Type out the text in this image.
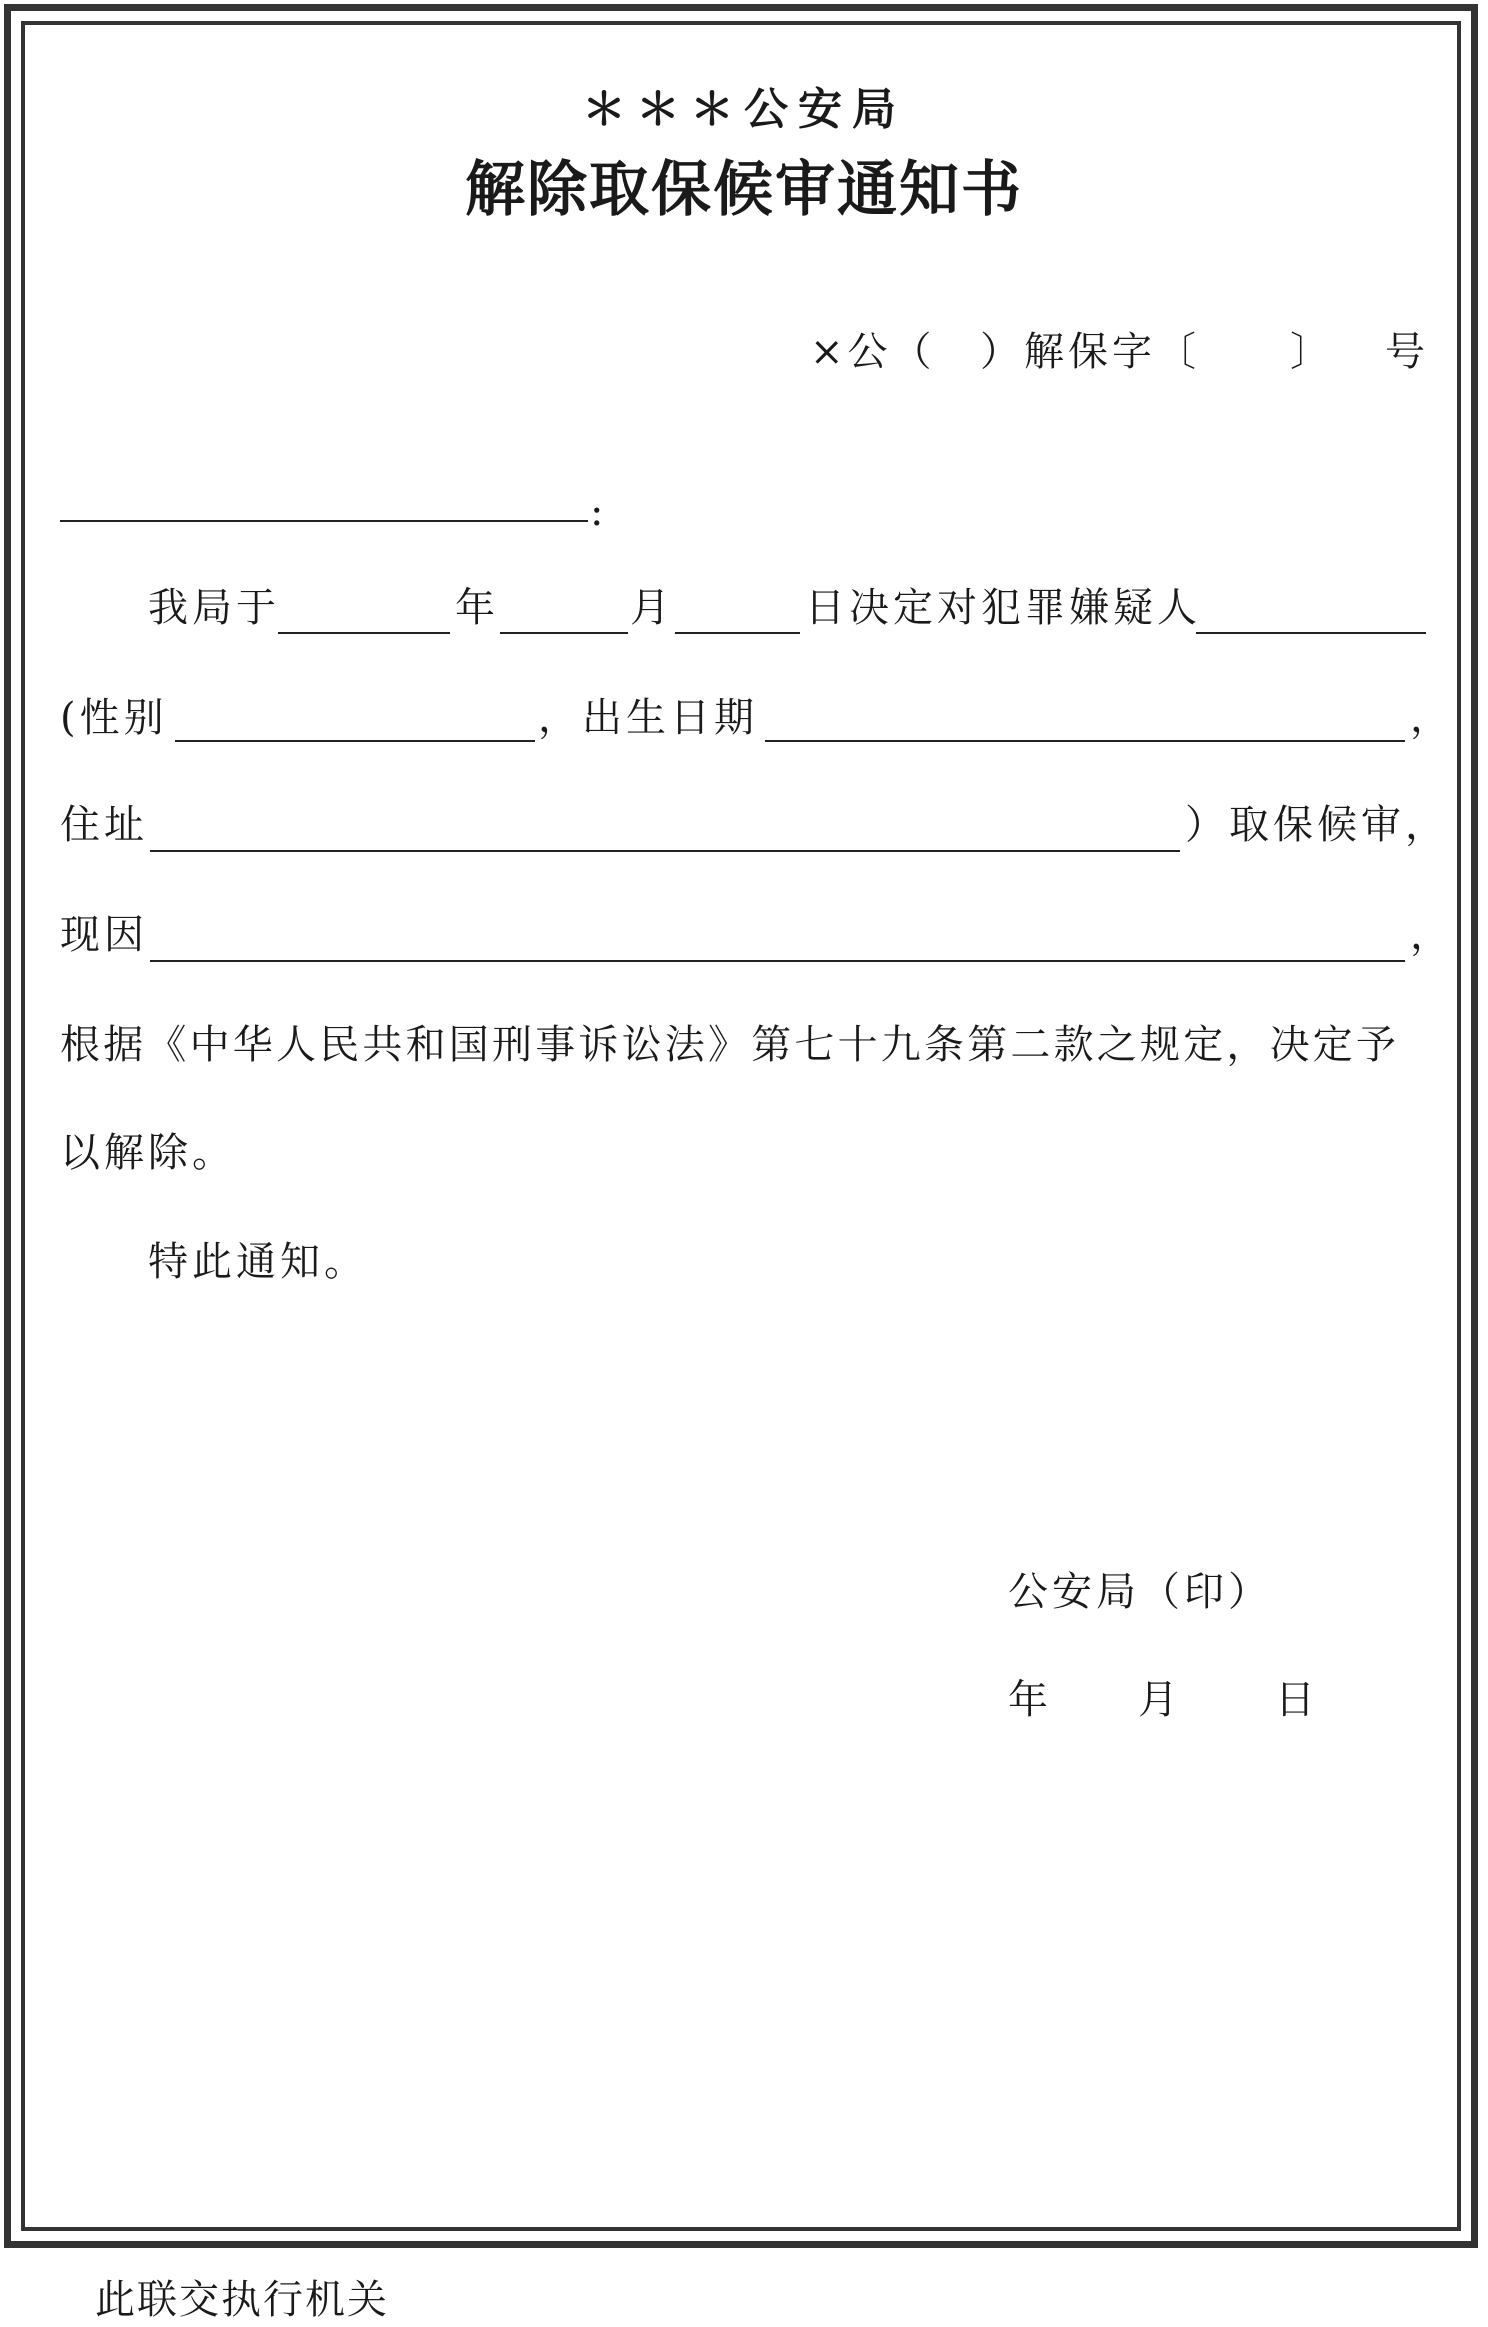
＊＊＊公安局
解除取保候审通知书
×公（ ）解保字〔 〕 号
:
我局于	年	月	日决定对犯罪嫌疑人
(性别	，出生日期	，
住址	）取保候审，
现因	，
根据《中华人民共和国刑事诉讼法》第七十九条第二款之规定，决定予
以解除。
特此通知。
公安局（印）
年 月 日
此联交执行机关
